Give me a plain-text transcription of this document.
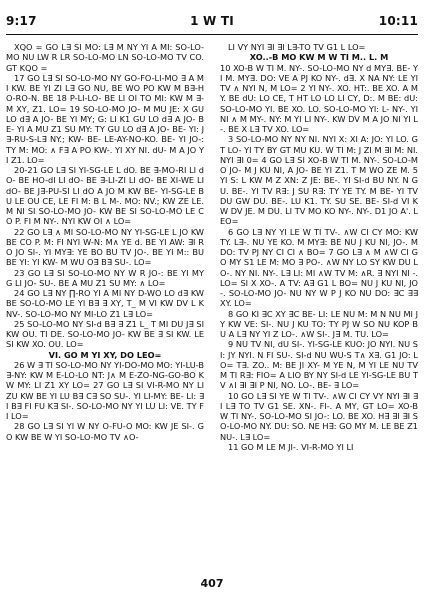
9:17	1 W TI	10:11

XQO = GO L∃ SI MO: L∃ M NY YI A MI: SO-LO-MO NU LW R LR SO-LO-MO LN SO-LO-MO TV CO. GT KQO =

17 GO L∃ SI SO-LO-MO NY GO-FO-LI-MO ∃ A MI KW. BE YI ZI L∃ GO NU, BE WO PO KW M B∃-HO-RO-N. BE 18 P-LI-LO- BE LI OI TO MI: KW M ∃-M XY, Z1. LO= 19 SO-LO-MO JO- M MU JE: X GU LO d∃ A JO- BE YI MY; G: LI K1 GU LO d∃ A JO- BE- YI A MU Z1 SU MY: TY GU LO d∃ A JO- BE- YI: J∃-RU-S-L∃ NY.; KW- BE- LE-AY-NO-KO. BE- YI JO-: TY M: MO: ∧ F∃ A PO KW-. YI XY NI. dU- M A JO YI Z1. LO=

20-21 GO L∃ SI YI-SG-LE L dO. BE ∃-MO-RI LI dO- BE HO-dI LI dO- BE ∃-LI-ZI LI dO- BE XI-WE LI dO- BE J∃-PU-SI LI dO A JO M KW BE- YI-SG-LE BU LE OU CE, LE FI M: B L M-. MO: NV.; KW ZE LE. M NI SI SO-LO-MO JO- KW BE SI SO-LO-MO LE CO P. FI M NY-. NYI KW OI ∧ LO=

22 GO L∃ ∧ MI SO-LO-MO NY YI-SG-LE L JO KW BE CO P. M: FI NYI W-N: M∧ YE d. BE YI AW: ∃I RO JO SI-. YI MY∃: YE BO BU TV JO-. BE YI M:: BU BE YI: YI KW- M WU O∃ B∃ SU-. LO=

23 GO L∃ SI SO-LO-MO NY W R JO-: BE YI MY G LI JO- SU-. BE A MU Z1 SU MY: ∧ LO=

24 GO L∃ NY ∏-RO YI A MI NY D-WO LO d∃ KW BE SO-LO-MO LE YI B∃ ∃ XY, T_ M VI KW DV L K NV-. SO-LO-MO NY MI-LO Z1 L∃ LO=

25 SO-LO-MO NY SI-d B∃ ∃ Z1 L_ T MI DU J∃ SI KW OU. TI DE. SO-LO-MO JO- KW BE ∃ SI KW. LE SI KW XO. OU. LO=

VI. GO M YI XY, DO LEO=

26 W ∃ TI SO-LO-MO NY YI-DO-MO MO: YI-LU-B∃-NY: KW M E-LO-LO NT: J∧ M E-ZO-NG-GO-BO KW MY: LI Z1 XY LO= 27 GO L∃ SI VI-R-MO NY LI ZU KW BE YI LU B∃ C∃ SO SU-. YI LI-MY: BE- LI: ∃I B∃ FI FU K∃ SI-. SO-LO-MO NY YI LU LI: VE. TY FI LO=

28 GO L∃ SI YI W NY O-FU-O MO: KW JE SI-. GO KW BE W YI SO-LO-MO TV ∧O-

LI VY NYI ∃I ∃I L∃-TO TV G1 L LO=

XO..-B MO KW M W TI M.. L. M

10 XO-B W TI M. NY-. SO-LO-MO NY d MY∃. BE- YI M. MY∃. DO: VE A PJ KO NY-. d∃. X NA NY: LE YI TV ∧ NYI N, M LO= 2 YI NY-. XO. HT:. BE XO. A MY. BE dU: LO CE, T HT LO LO LI CY, D:. M BE: dU: SO-LO-MO YI. BE XO. LO. SO-LO-MO YI: L- NY-. YI NI ∧ M MY-. NY: M YI LI NY-. KW DV M A JO NI YI L-. BE X L∃ TV XO. LO=

3 SO-LO-MO NY NY NI. NYI X: XI A: JO: YI LO. GT LO- YI TY BY GT MU KU. W TI M: J ZI M ∃I M: NI. NYI ∃I 0= 4 GO L∃ SI XO-B W TI M. NY-. SO-LO-MO JO- M J KU NI, A JO- BE YI Z1. T M WO ZE M. 5 YI S: L KW M Z XN: Z JE: BE-. YI SI-d BU NY. N GU. BE-. YI TV R∃: J SU R∃: TY YE TY. M BE- YI TV DU GW DU. BE-. LU K1. TY. SU SE. BE- SI-d VI KW DV JE. M DU. LI TV MO KO NY-. NY-. D1 JO A'. LEO=

6 GO L∃ NY YI LE W TI TV-. ∧W CI CY MO: KW TY. L∃-. NU YE KO. M MY∃: BE NU J KU NI, JO-. M DO: TV PJ NY CI CI ∧ BO= 7 GO L∃ ∧ M ∧W CI GO MY S1 LE M: MO ∃ PO-. ∧W NY LO SY KW DU LO-. NY NI. NY-. L∃ LI: MI ∧W TV M: ∧R. ∃ NYI NI -. LO= SI X XO-. A TV: A∃ G1 L BO= NU J KU NI, JO-. SO-LO-MO JO- NU NY W P J KO NU DO: ∃C ∃∃ XY. LO=

8 GO KI ∃C XY ∃C BE- LI: LE NU M: M N NU MI JY KW VE: SI-. NU J KU TO: TY PJ W SO NU KOP BU A L∃ NY YI Z LO-. ∧W SI-. J∃ M. TU. LO=

9 NU TV NI, dU SI-. YI-SG-LE KUO: JO NYI. NU SI: JY NYI. N FI SU-. SI-d NU WU-S T∧ X∃. G1 JO: LO= T∃. ZO.. M: BE JI XY- M YE N, M YI LE NU TV M TI R∃: FIO= A LIO BY NY SI-d LE YI-SG-LE BU TV ∧I ∃I ∃I P NI, NO. LO-. BE- ∃ LO=

10 GO L∃ SI YE W TI TV-. ∧W CI CY VY NYI ∃I ∃I L∃ TO TV G1 SE. XN-. FI-. A MY, GT LO= XO-B W TI NY-. SO-LO-MO SI JO-: LO. BE XO. H∃ ∃I ∃I SO-LO-MO NY. DU: SO. NE H∃: GO MY M. LE BE Z1 NU-. L∃ LO=

11 GO M LE M JI-. VI-R-MO YI LI

407
